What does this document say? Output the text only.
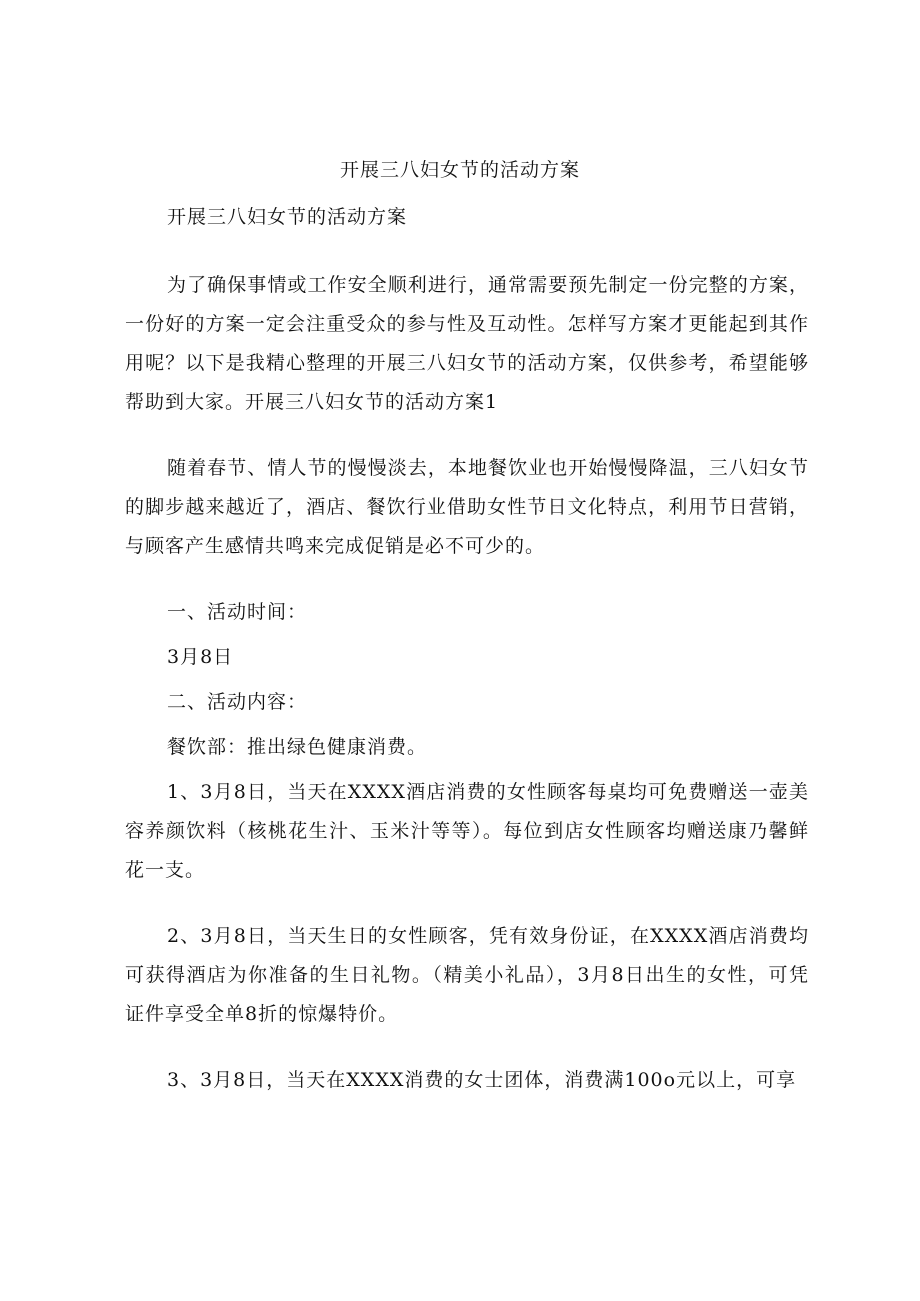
开展三八妇女节的活动方案

开展三八妇女节的活动方案

为了确保事情或工作安全顺利进行，通常需要预先制定一份完整的方案，一份好的方案一定会注重受众的参与性及互动性。怎样写方案才更能起到其作用呢？以下是我精心整理的开展三八妇女节的活动方案，仅供参考，希望能够帮助到大家。开展三八妇女节的活动方案1

随着春节、情人节的慢慢淡去，本地餐饮业也开始慢慢降温，三八妇女节的脚步越来越近了，酒店、餐饮行业借助女性节日文化特点，利用节日营销，与顾客产生感情共鸣来完成促销是必不可少的。

一、活动时间：

3月8日

二、活动内容：

餐饮部：推出绿色健康消费。

1、3月8日，当天在XXXX酒店消费的女性顾客每桌均可免费赠送一壶美容养颜饮料（核桃花生汁、玉米汁等等）。每位到店女性顾客均赠送康乃馨鲜花一支。

2、3月8日，当天生日的女性顾客，凭有效身份证，在XXXX酒店消费均可获得酒店为你准备的生日礼物。（精美小礼品），3月8日出生的女性，可凭证件享受全单8折的惊爆特价。

3、3月8日，当天在XXXX消费的女士团体，消费满100o元以上，可享
